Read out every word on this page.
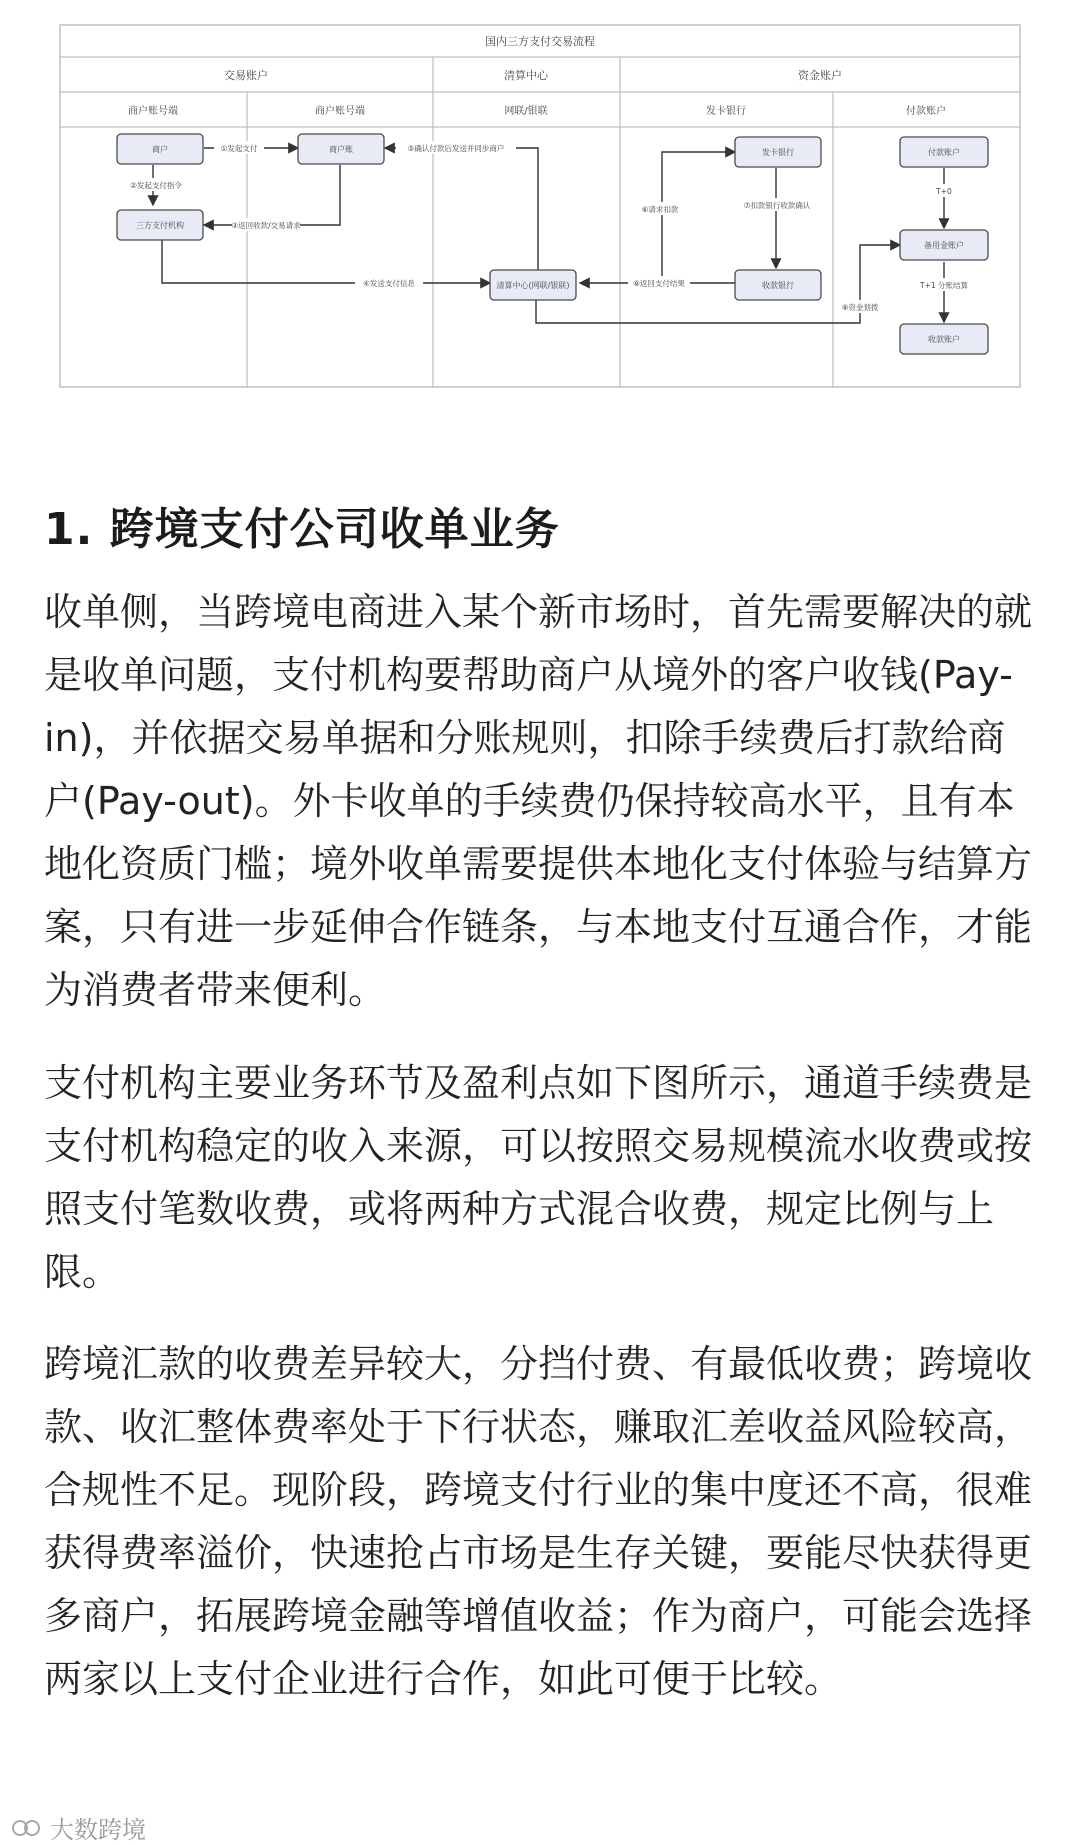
国内三方支付交易流程
交易账户	清算中心	资金账户
商户账号端	商户账号端	网联/银联	发卡银行	付款账户
①发起支付
②发起支付指令
③返回收款/交易请求
④发送支付信息
⑤确认付款后发送并同步商户
⑥请求扣款	⑦扣款银行收款确认
⑧返回支付结果
⑨资金划拨
T+0
T+1 分账结算
商户	商户账
三方支付机构
清算中心(网联/银联)
发卡银行
收款银行
付款账户
备用金账户
收款账户
1. 跨境支付公司收单业务

收单侧，当跨境电商进入某个新市场时，首先需要解决的就是收单问题，支付机构要帮助商户从境外的客户收钱(Pay-in)，并依据交易单据和分账规则，扣除手续费后打款给商户(Pay-out)。外卡收单的手续费仍保持较高水平，且有本地化资质门槛；境外收单需要提供本地化支付体验与结算方案，只有进一步延伸合作链条，与本地支付互通合作，才能为消费者带来便利。

支付机构主要业务环节及盈利点如下图所示，通道手续费是支付机构稳定的收入来源，可以按照交易规模流水收费或按照支付笔数收费，或将两种方式混合收费，规定比例与上限。

跨境汇款的收费差异较大，分挡付费、有最低收费；跨境收款、收汇整体费率处于下行状态，赚取汇差收益风险较高，合规性不足。现阶段，跨境支付行业的集中度还不高，很难获得费率溢价，快速抢占市场是生存关键，要能尽快获得更多商户，拓展跨境金融等增值收益；作为商户，可能会选择两家以上支付企业进行合作，如此可便于比较。

大数跨境
